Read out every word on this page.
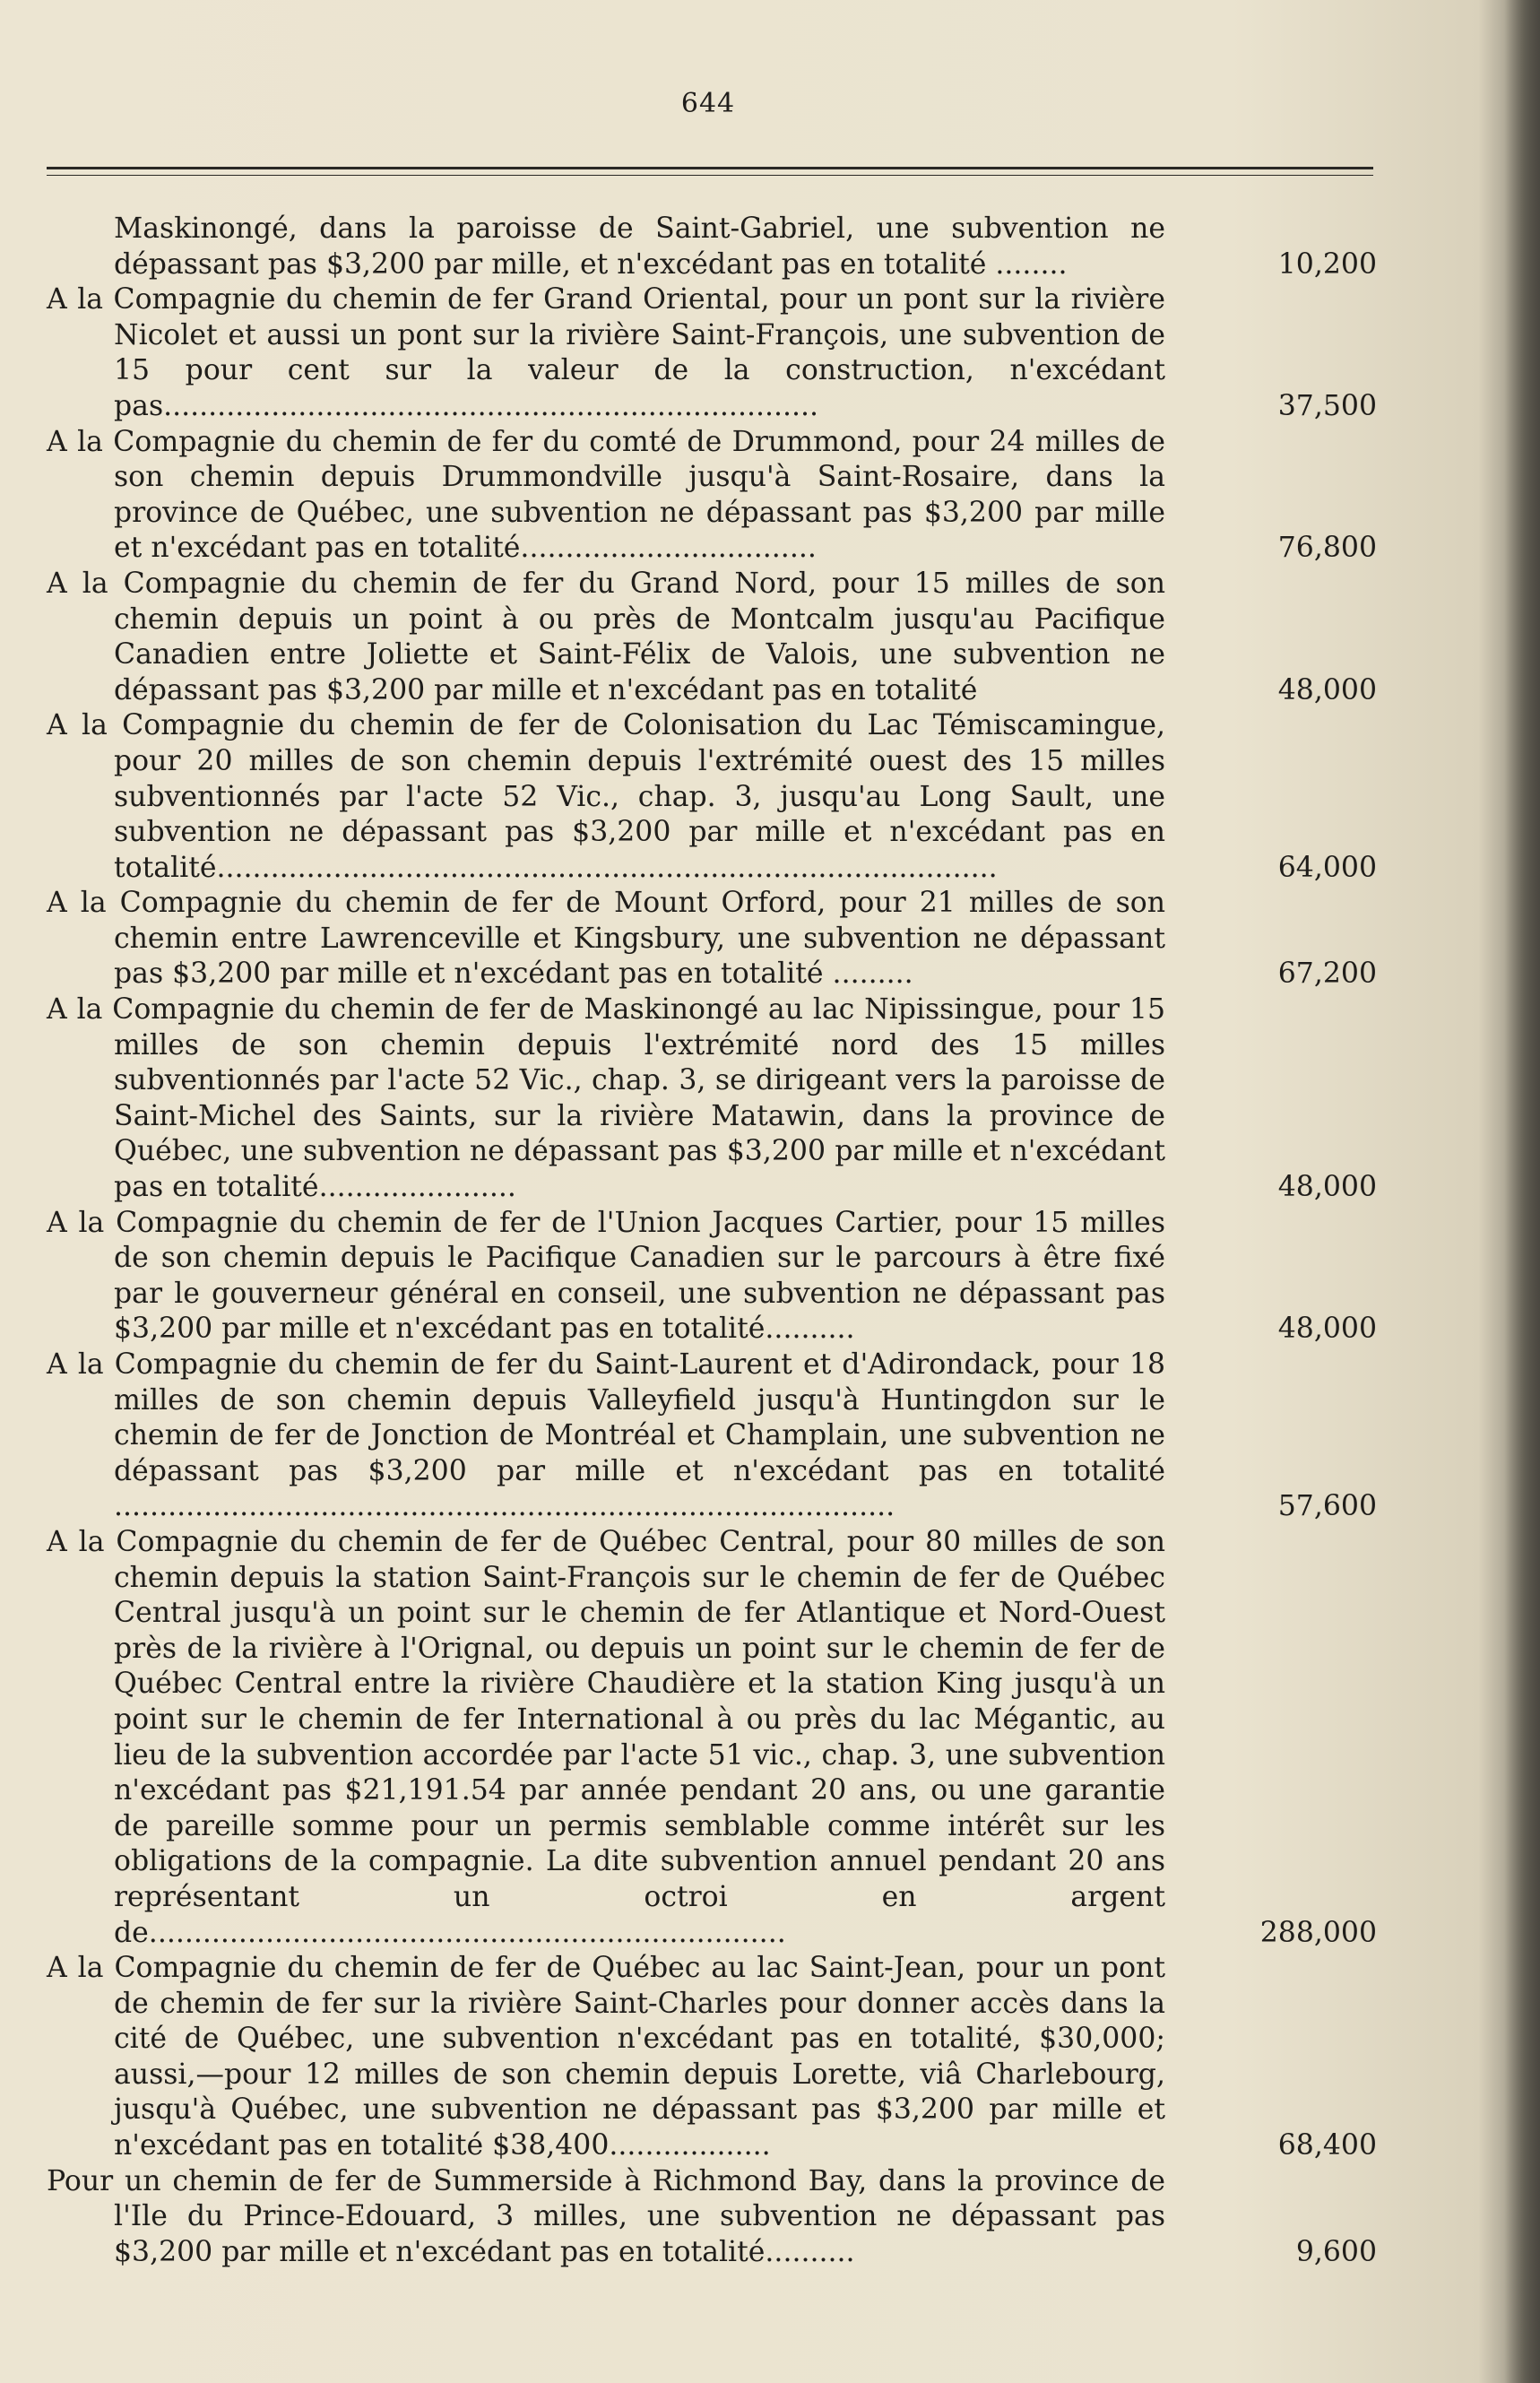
644
Maskinongé, dans la paroisse de Saint-Gabriel, une subvention ne dépassant pas $3,200 par mille, et n'excédant pas en totalité ........	10,200
A la Compagnie du chemin de fer Grand Oriental, pour un pont sur la rivière Nicolet et aussi un pont sur la rivière Saint-François, une subvention de 15 pour cent sur la valeur de la construction, n'excédant pas.........................................................................	37,500
A la Compagnie du chemin de fer du comté de Drummond, pour 24 milles de son chemin depuis Drummondville jusqu'à Saint-Rosaire, dans la province de Québec, une subvention ne dépassant pas $3,200 par mille et n'excédant pas en totalité.................................	76,800
A la Compagnie du chemin de fer du Grand Nord, pour 15 milles de son chemin depuis un point à ou près de Montcalm jusqu'au Pacifique Canadien entre Joliette et Saint-Félix de Valois, une subvention ne dépassant pas $3,200 par mille et n'excédant pas en totalité	48,000
A la Compagnie du chemin de fer de Colonisation du Lac Témiscamingue, pour 20 milles de son chemin depuis l'extrémité ouest des 15 milles subventionnés par l'acte 52 Vic., chap. 3, jusqu'au Long Sault, une subvention ne dépassant pas $3,200 par mille et n'excédant pas en totalité.......................................................................................	64,000
A la Compagnie du chemin de fer de Mount Orford, pour 21 milles de son chemin entre Lawrenceville et Kingsbury, une subvention ne dépassant pas $3,200 par mille et n'excédant pas en totalité .........	67,200
A la Compagnie du chemin de fer de Maskinongé au lac Nipissingue, pour 15 milles de son chemin depuis l'extrémité nord des 15 milles subventionnés par l'acte 52 Vic., chap. 3, se dirigeant vers la paroisse de Saint-Michel des Saints, sur la rivière Matawin, dans la province de Québec, une subvention ne dépassant pas $3,200 par mille et n'excédant pas en totalité......................	48,000
A la Compagnie du chemin de fer de l'Union Jacques Cartier, pour 15 milles de son chemin depuis le Pacifique Canadien sur le parcours à être fixé par le gouverneur général en conseil, une subvention ne dépassant pas $3,200 par mille et n'excédant pas en totalité..........	48,000
A la Compagnie du chemin de fer du Saint-Laurent et d'Adirondack, pour 18 milles de son chemin depuis Valleyfield jusqu'à Huntingdon sur le chemin de fer de Jonction de Montréal et Champlain, une subvention ne dépassant pas $3,200 par mille et n'excédant pas en totalité .......................................................................................	57,600
A la Compagnie du chemin de fer de Québec Central, pour 80 milles de son chemin depuis la station Saint-François sur le chemin de fer de Québec Central jusqu'à un point sur le chemin de fer Atlantique et Nord-Ouest près de la rivière à l'Orignal, ou depuis un point sur le chemin de fer de Québec Central entre la rivière Chaudière et la station King jusqu'à un point sur le chemin de fer International à ou près du lac Mégantic, au lieu de la subvention accordée par l'acte 51 vic., chap. 3, une subvention n'excédant pas $21,191.54 par année pendant 20 ans, ou une garantie de pareille somme pour un permis semblable comme intérêt sur les obligations de la compagnie. La dite subvention annuel pendant 20 ans représentant un octroi en argent de.......................................................................	288,000
A la Compagnie du chemin de fer de Québec au lac Saint-Jean, pour un pont de chemin de fer sur la rivière Saint-Charles pour donner accès dans la cité de Québec, une subvention n'excédant pas en totalité, $30,000; aussi,—pour 12 milles de son chemin depuis Lorette, viâ Charlebourg, jusqu'à Québec, une subvention ne dépassant pas $3,200 par mille et n'excédant pas en totalité $38,400..................	68,400
Pour un chemin de fer de Summerside à Richmond Bay, dans la province de l'Ile du Prince-Edouard, 3 milles, une subvention ne dépassant pas $3,200 par mille et n'excédant pas en totalité..........	9,600
